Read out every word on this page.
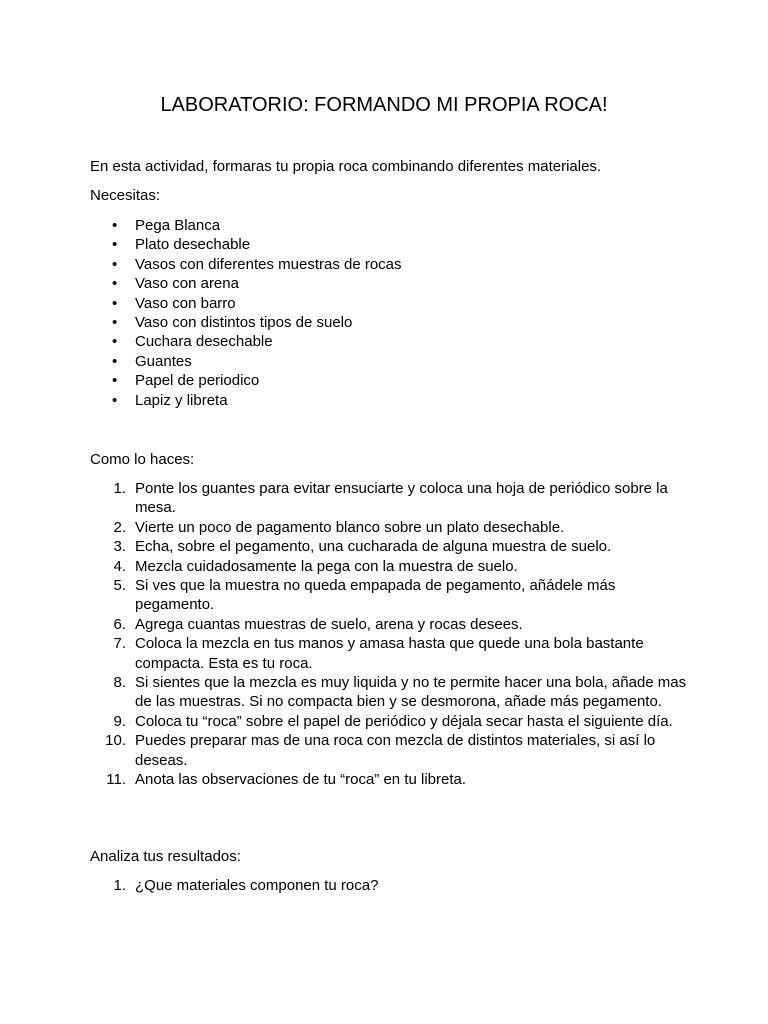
LABORATORIO: FORMANDO MI PROPIA ROCA!

En esta actividad, formaras tu propia roca combinando diferentes materiales.

Necesitas:

• Pega Blanca
• Plato desechable
• Vasos con diferentes muestras de rocas
• Vaso con arena
• Vaso con barro
• Vaso con distintos tipos de suelo
• Cuchara desechable
• Guantes
• Papel de periodico
• Lapiz y libreta

Como lo haces:

1. Ponte los guantes para evitar ensuciarte y coloca una hoja de periódico sobre la mesa.
2. Vierte un poco de pagamento blanco sobre un plato desechable.
3. Echa, sobre el pegamento, una cucharada de alguna muestra de suelo.
4. Mezcla cuidadosamente la pega con la muestra de suelo.
5. Si ves que la muestra no queda empapada de pegamento, añádele más pegamento.
6. Agrega cuantas muestras de suelo, arena y rocas desees.
7. Coloca la mezcla en tus manos y amasa hasta que quede una bola bastante compacta. Esta es tu roca.
8. Si sientes que la mezcla es muy liquida y no te permite hacer una bola, añade mas de las muestras. Si no compacta bien y se desmorona, añade más pegamento.
9. Coloca tu “roca” sobre el papel de periódico y déjala secar hasta el siguiente día.
10. Puedes preparar mas de una roca con mezcla de distintos materiales, si así lo deseas.
11. Anota las observaciones de tu “roca” en tu libreta.

Analiza tus resultados:

1. ¿Que materiales componen tu roca?
